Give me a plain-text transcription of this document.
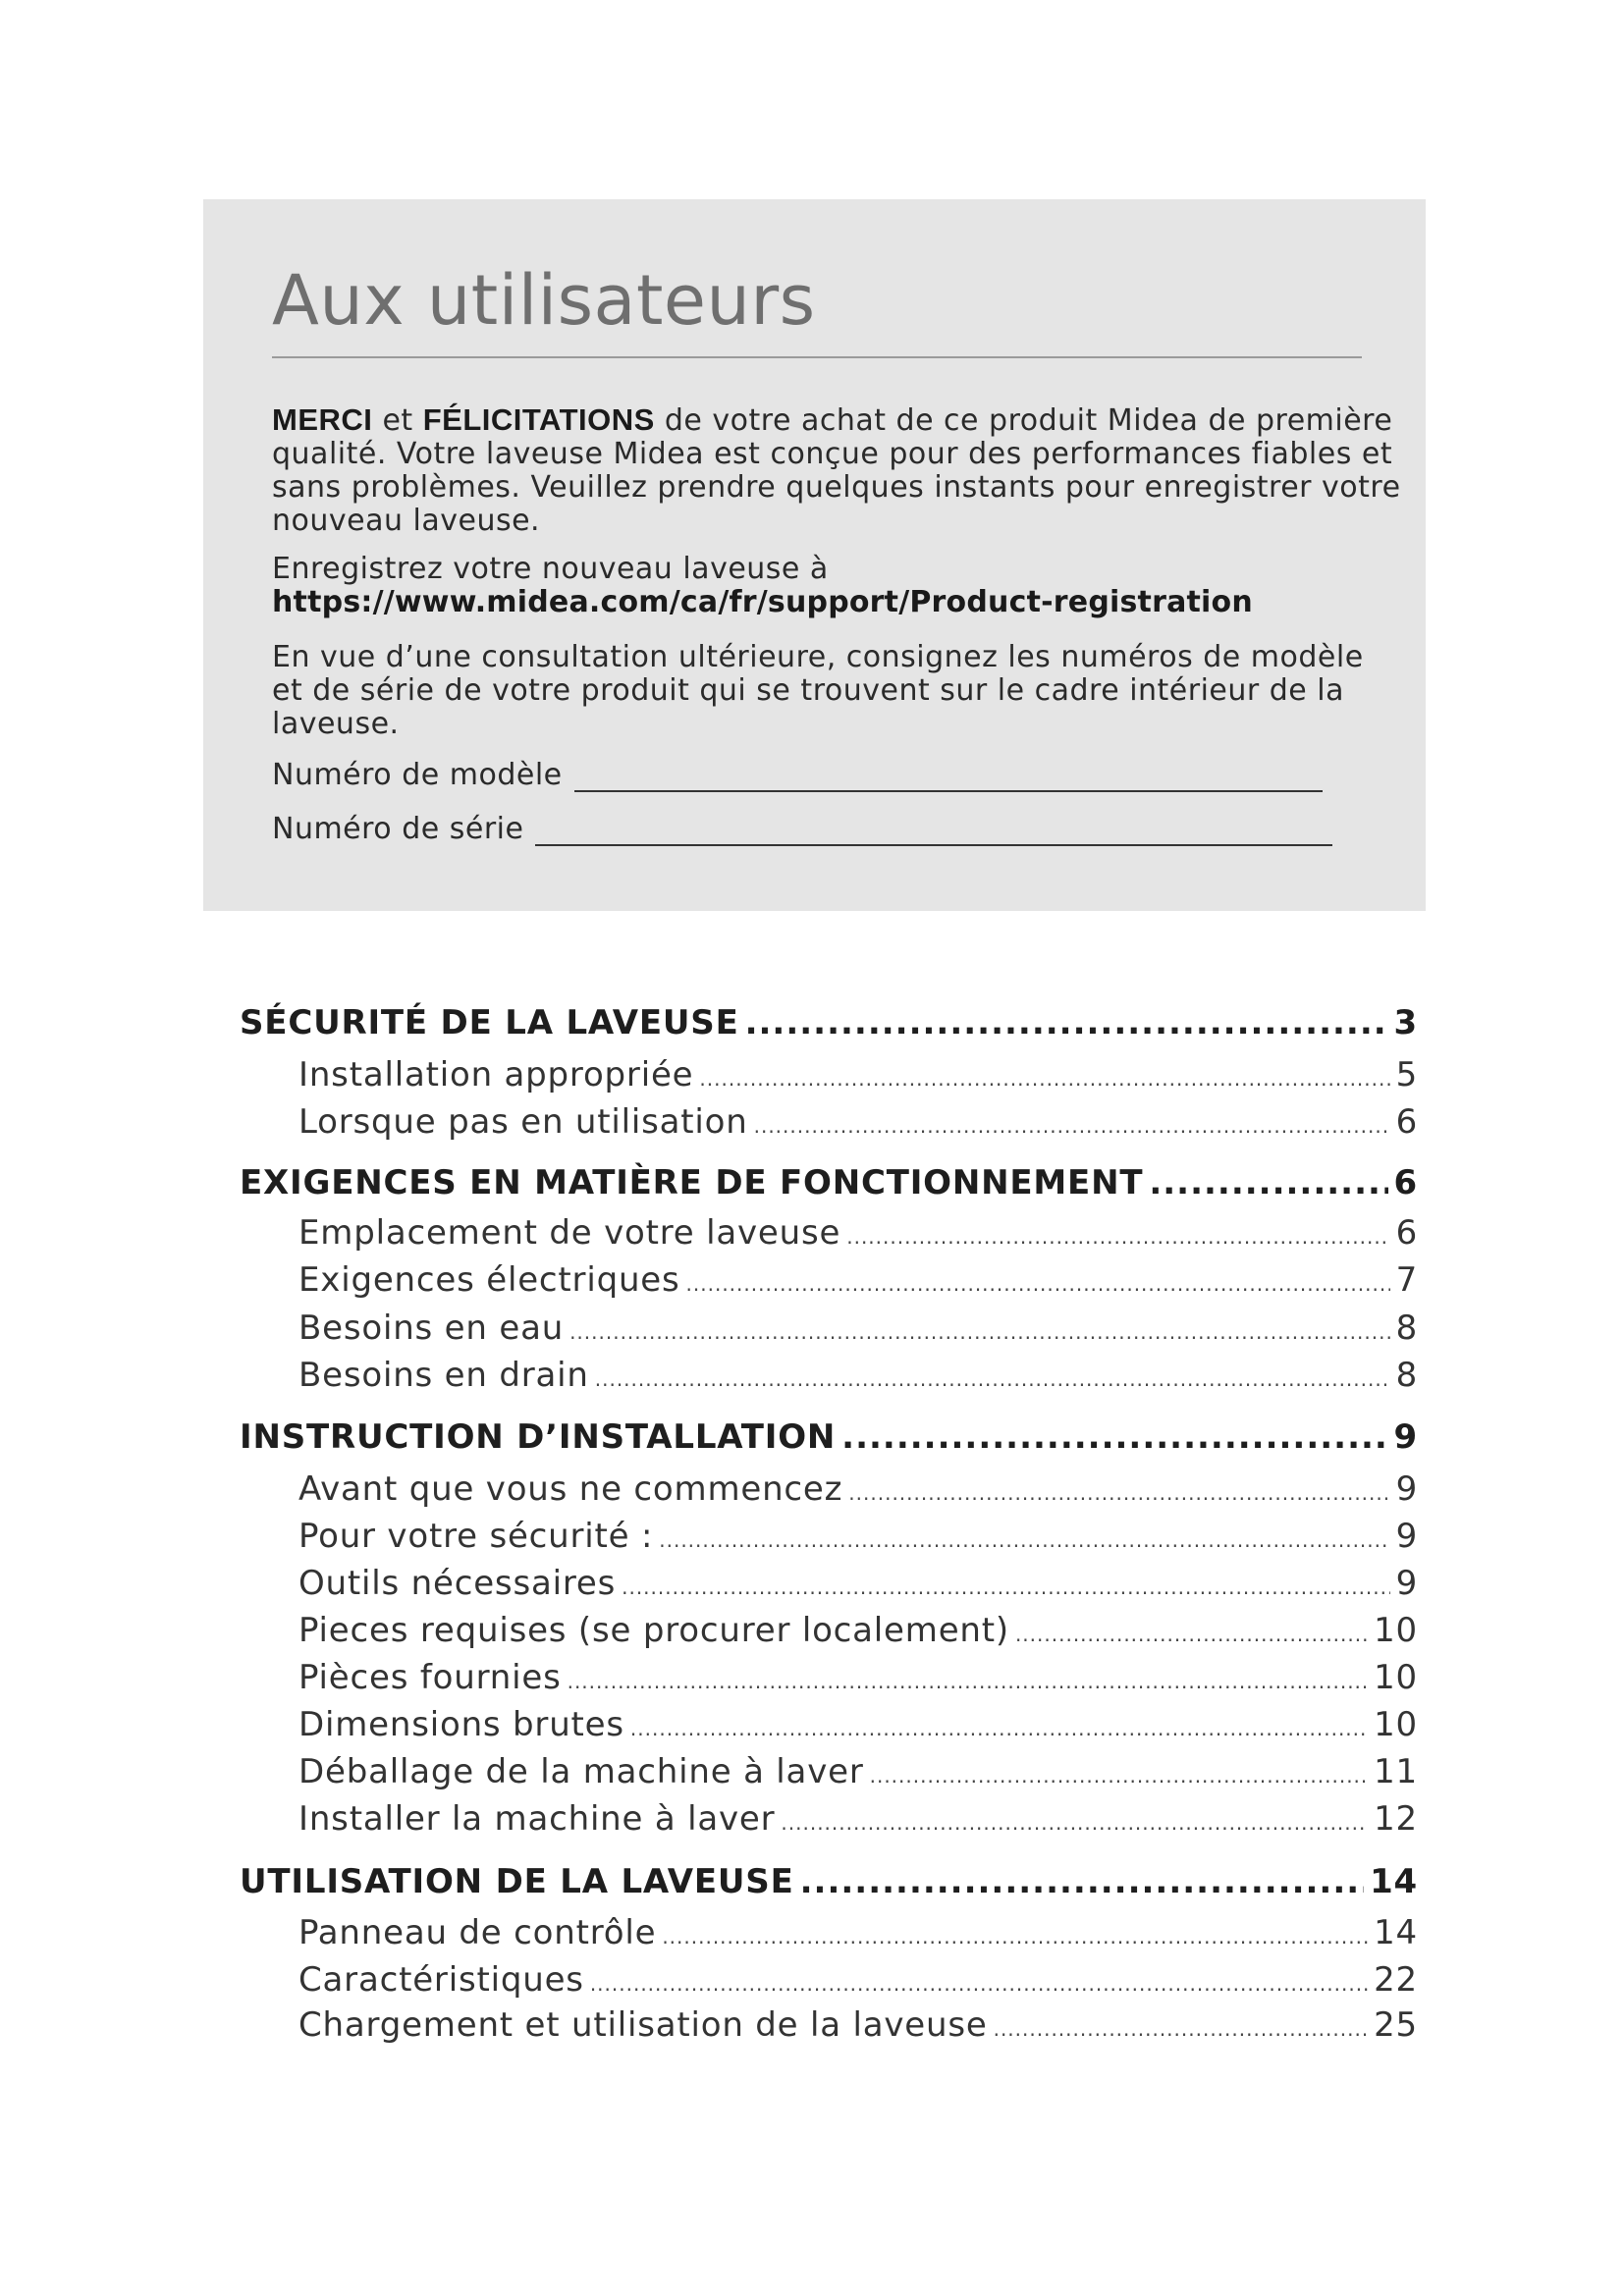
Aux utilisateurs

MERCI et FÉLICITATIONS de votre achat de ce produit Midea de première qualité. Votre laveuse Midea est conçue pour des performances fiables et sans problèmes. Veuillez prendre quelques instants pour enregistrer votre nouveau laveuse.

Enregistrez votre nouveau laveuse à
https://www.midea.com/ca/fr/support/Product-registration

En vue d’une consultation ultérieure, consignez les numéros de modèle et de série de votre produit qui se trouvent sur le cadre intérieur de la laveuse.

Numéro de modèle
Numéro de série
SÉCURITÉ DE LA LAVEUSE .....	3
Installation appropriée .....	5
Lorsque pas en utilisation .....	6
EXIGENCES EN MATIÈRE DE FONCTIONNEMENT .....	6
Emplacement de votre laveuse .....	6
Exigences électriques .....	7
Besoins en eau .....	8
Besoins en drain .....	8
INSTRUCTION D’INSTALLATION .....	9
Avant que vous ne commencez .....	9
Pour votre sécurité : .....	9
Outils nécessaires .....	9
Pieces requises (se procurer localement) .....	10
Pièces fournies .....	10
Dimensions brutes .....	10
Déballage de la machine à laver .....	11
Installer la machine à laver .....	12
UTILISATION DE LA LAVEUSE .....	14
Panneau de contrôle .....	14
Caractéristiques .....	22
Chargement et utilisation de la laveuse .....	25
